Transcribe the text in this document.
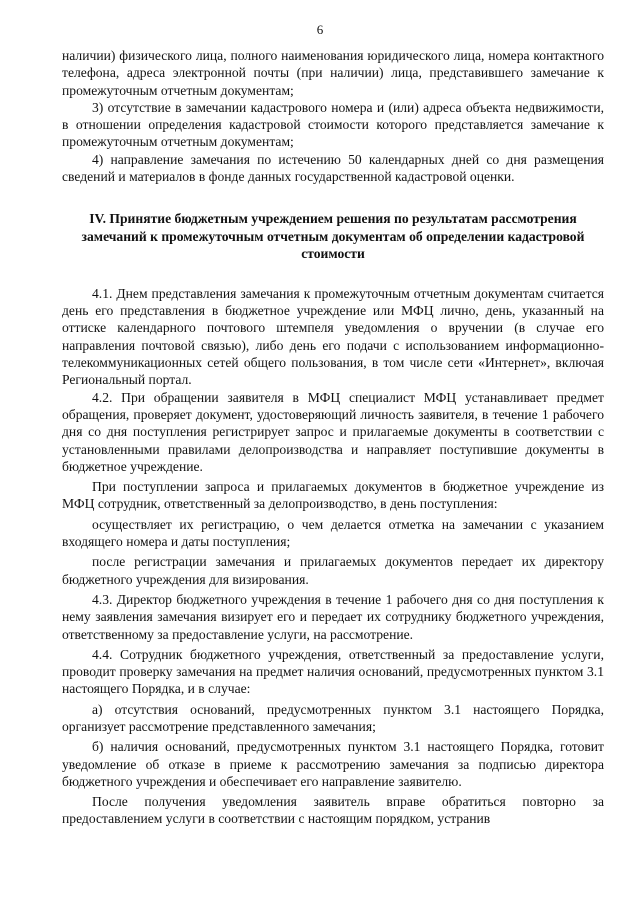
6

наличии) физического лица, полного наименования юридического лица, номера контактного телефона, адреса электронной почты (при наличии) лица, представившего замечание к промежуточным отчетным документам;

3) отсутствие в замечании кадастрового номера и (или) адреса объекта недвижимости, в отношении определения кадастровой стоимости которого представляется замечание к промежуточным отчетным документам;

4) направление замечания по истечению 50 календарных дней со дня размещения сведений и материалов в фонде данных государственной кадастровой оценки.

IV. Принятие бюджетным учреждением решения по результатам рассмотрения замечаний к промежуточным отчетным документам об определении кадастровой стоимости

4.1. Днем представления замечания к промежуточным отчетным документам считается день его представления в бюджетное учреждение или МФЦ лично, день, указанный на оттиске календарного почтового штемпеля уведомления о вручении (в случае его направления почтовой связью), либо день его подачи с использованием информационно-телекоммуникационных сетей общего пользования, в том числе сети «Интернет», включая Региональный портал.

4.2. При обращении заявителя в МФЦ специалист МФЦ устанавливает предмет обращения, проверяет документ, удостоверяющий личность заявителя, в течение 1 рабочего дня со дня поступления регистрирует запрос и прилагаемые документы в соответствии с установленными правилами делопроизводства и направляет поступившие документы в бюджетное учреждение.

При поступлении запроса и прилагаемых документов в бюджетное учреждение из МФЦ сотрудник, ответственный за делопроизводство, в день поступления:

осуществляет их регистрацию, о чем делается отметка на замечании с указанием входящего номера и даты поступления;

после регистрации замечания и прилагаемых документов передает их директору бюджетного учреждения для визирования.

4.3. Директор бюджетного учреждения в течение 1 рабочего дня со дня поступления к нему заявления замечания визирует его и передает их сотруднику бюджетного учреждения, ответственному за предоставление услуги, на рассмотрение.

4.4. Сотрудник бюджетного учреждения, ответственный за предоставление услуги, проводит проверку замечания на предмет наличия оснований, предусмотренных пунктом 3.1 настоящего Порядка, и в случае:

а) отсутствия оснований, предусмотренных пунктом 3.1 настоящего Порядка, организует рассмотрение представленного замечания;

б) наличия оснований, предусмотренных пунктом 3.1 настоящего Порядка, готовит уведомление об отказе в приеме к рассмотрению замечания за подписью директора бюджетного учреждения и обеспечивает его направление заявителю.

После получения уведомления заявитель вправе обратиться повторно за предоставлением услуги в соответствии с настоящим порядком, устранив
